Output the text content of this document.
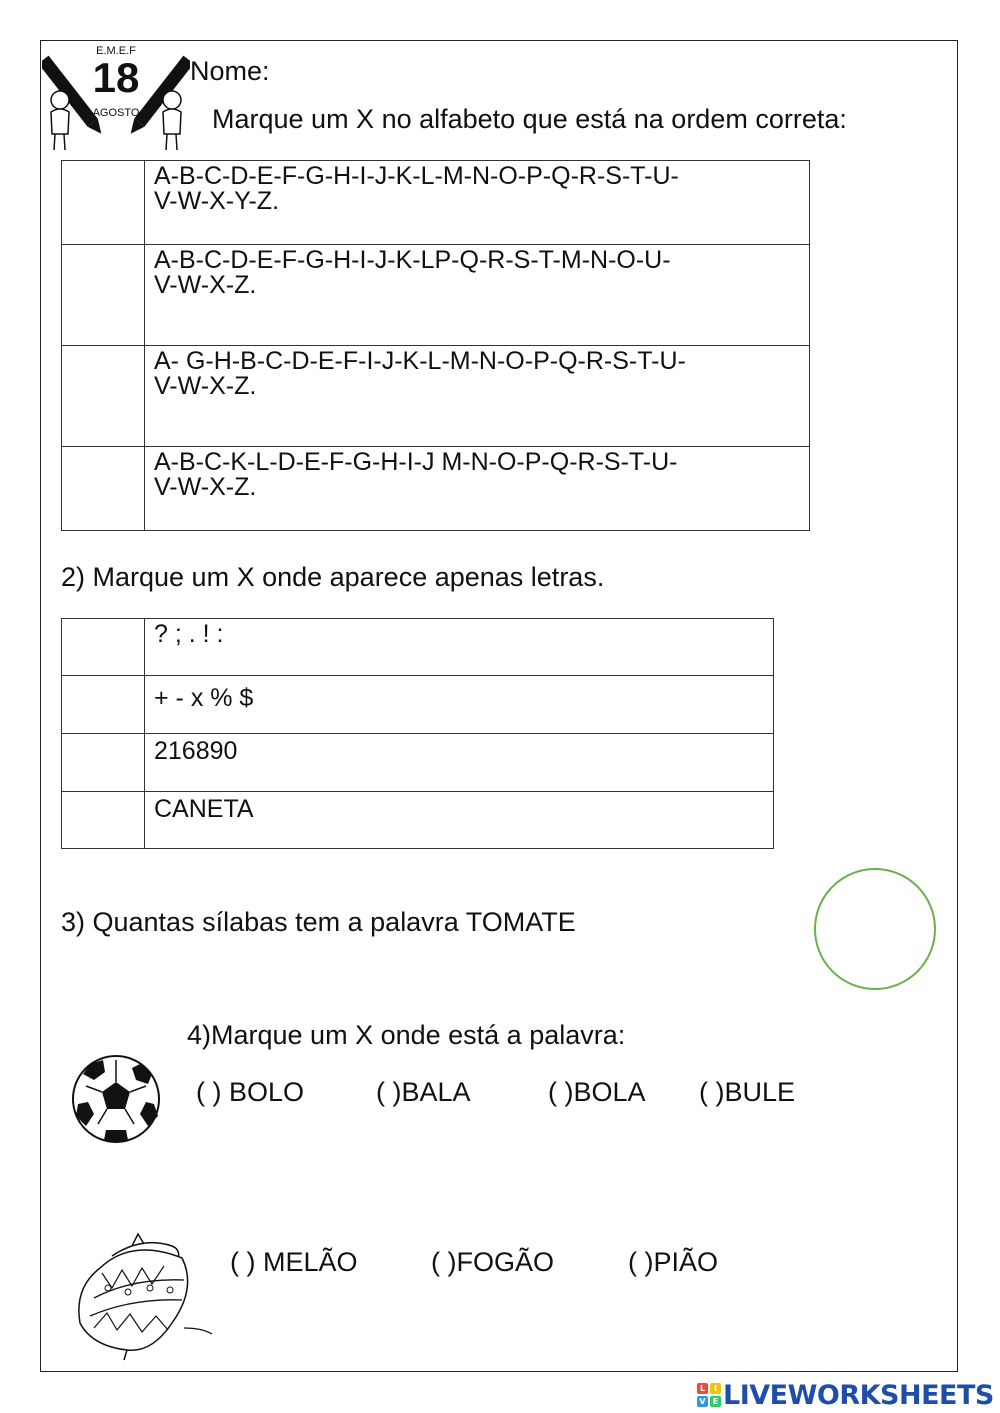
E.M.E.F
18
AGOSTO
Nome:
Marque um X no alfabeto que está na ordem correta:
	A-B-C-D-E-F-G-H-I-J-K-L-M-N-O-P-Q-R-S-T-U-
V-W-X-Y-Z.
	A-B-C-D-E-F-G-H-I-J-K-LP-Q-R-S-T-M-N-O-U-
V-W-X-Z.
	A- G-H-B-C-D-E-F-I-J-K-L-M-N-O-P-Q-R-S-T-U-
V-W-X-Z.
	A-B-C-K-L-D-E-F-G-H-I-J M-N-O-P-Q-R-S-T-U-
V-W-X-Z.
2) Marque um X onde aparece apenas letras.
	? ; . ! :
	+ - x % $
	216890
	CANETA
3) Quantas sílabas tem a palavra TOMATE
4)Marque um X onde está a palavra:
( ) BOLO	( )BALA	( )BOLA ( )BULE
( ) MELÃO	( )FOGÃO	( )PIÃO
L	I
V E LIVEWORKSHEETS
